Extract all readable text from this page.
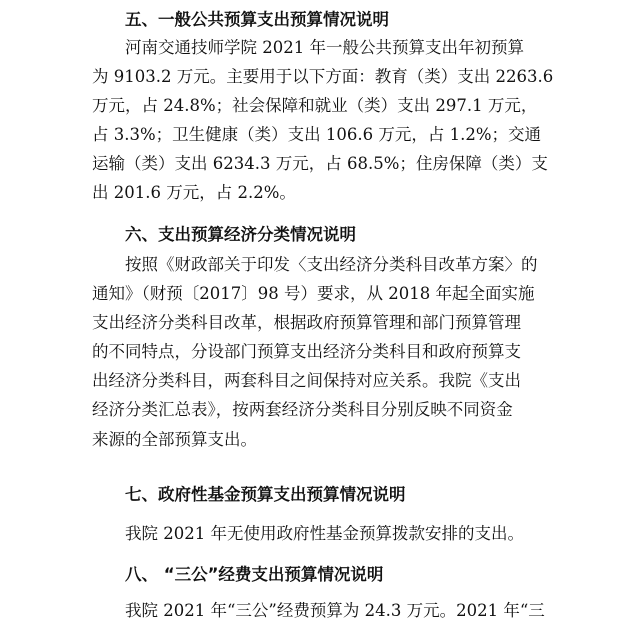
五、一般公共预算支出预算情况说明
　　河南交通技师学院 2021 年一般公共预算支出年初预算
为 9103.2 万元。主要用于以下方面：教育（类）支出 2263.6
万元，占 24.8%；社会保障和就业（类）支出 297.1 万元，
占 3.3%；卫生健康（类）支出 106.6 万元，占 1.2%；交通
运输（类）支出 6234.3 万元，占 68.5%；住房保障（类）支
出 201.6 万元，占 2.2%。
六、支出预算经济分类情况说明
　　按照《财政部关于印发〈支出经济分类科目改革方案〉的
通知》（财预〔2017〕98 号）要求，从 2018 年起全面实施
支出经济分类科目改革，根据政府预算管理和部门预算管理
的不同特点，分设部门预算支出经济分类科目和政府预算支
出经济分类科目，两套科目之间保持对应关系。我院《支出
经济分类汇总表》，按两套经济分类科目分别反映不同资金
来源的全部预算支出。
七、政府性基金预算支出预算情况说明
　　我院 2021 年无使用政府性基金预算拨款安排的支出。
八、 “三公”经费支出预算情况说明
　　我院 2021 年“三公”经费预算为 24.3 万元。2021 年“三
